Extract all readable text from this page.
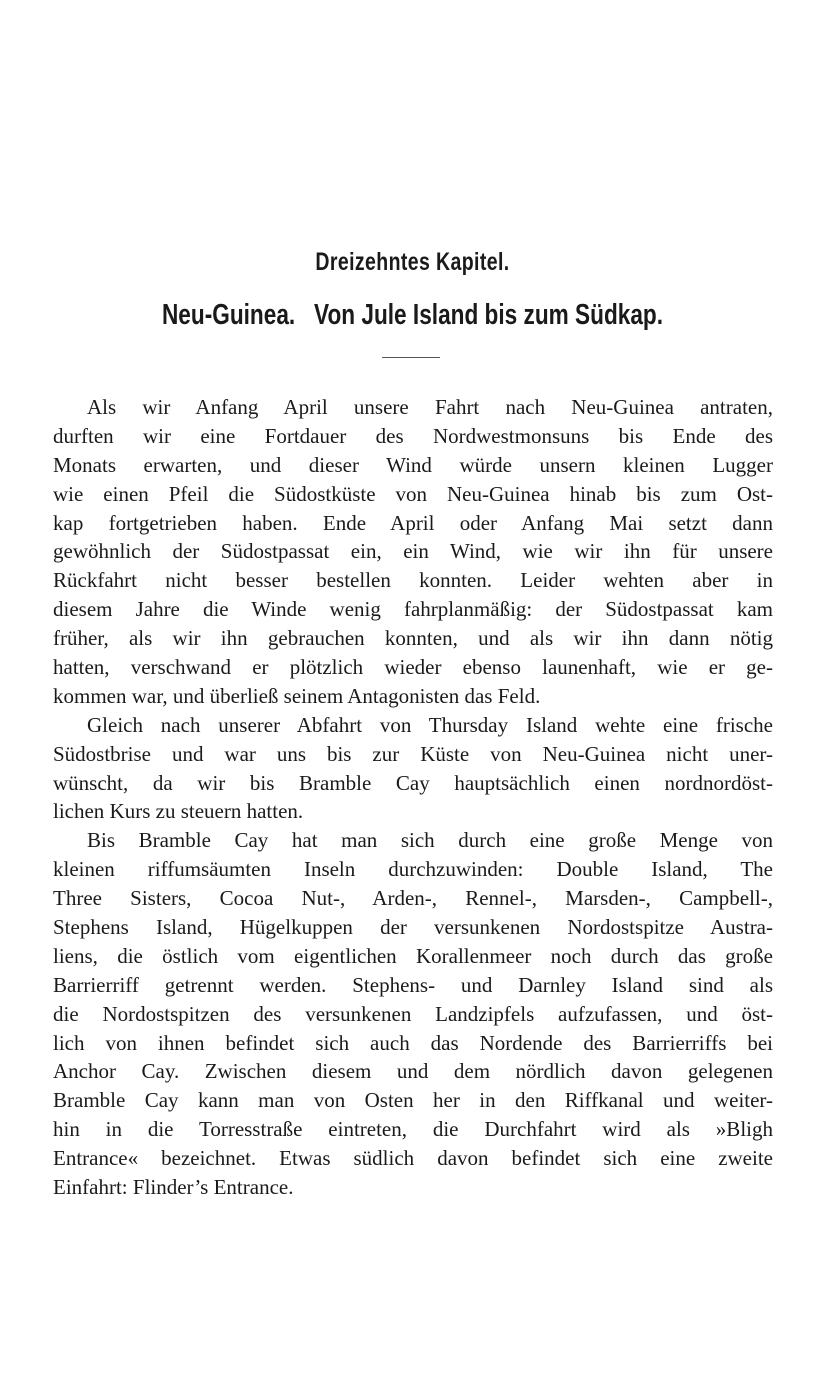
Dreizehntes Kapitel.
Neu-Guinea.   Von Jule Island bis zum Südkap.
Als wir Anfang April unsere Fahrt nach Neu-Guinea antraten,
durften wir eine Fortdauer des Nordwestmonsuns bis Ende des
Monats erwarten, und dieser Wind würde unsern kleinen Lugger
wie einen Pfeil die Südostküste von Neu-Guinea hinab bis zum Ost-
kap fortgetrieben haben. Ende April oder Anfang Mai setzt dann
gewöhnlich der Südostpassat ein, ein Wind, wie wir ihn für unsere
Rückfahrt nicht besser bestellen konnten. Leider wehten aber in
diesem Jahre die Winde wenig fahrplanmäßig: der Südostpassat kam
früher, als wir ihn gebrauchen konnten, und als wir ihn dann nötig
hatten, verschwand er plötzlich wieder ebenso launenhaft, wie er ge-
kommen war, und überließ seinem Antagonisten das Feld.
Gleich nach unserer Abfahrt von Thursday Island wehte eine frische
Südostbrise und war uns bis zur Küste von Neu-Guinea nicht uner-
wünscht, da wir bis Bramble Cay hauptsächlich einen nordnordöst-
lichen Kurs zu steuern hatten.
Bis Bramble Cay hat man sich durch eine große Menge von
kleinen riffumsäumten Inseln durchzuwinden: Double Island, The
Three Sisters, Cocoa Nut-, Arden-, Rennel-, Marsden-, Campbell-,
Stephens Island, Hügelkuppen der versunkenen Nordostspitze Austra-
liens, die östlich vom eigentlichen Korallenmeer noch durch das große
Barrierriff getrennt werden. Stephens- und Darnley Island sind als
die Nordostspitzen des versunkenen Landzipfels aufzufassen, und öst-
lich von ihnen befindet sich auch das Nordende des Barrierriffs bei
Anchor Cay. Zwischen diesem und dem nördlich davon gelegenen
Bramble Cay kann man von Osten her in den Riffkanal und weiter-
hin in die Torresstraße eintreten, die Durchfahrt wird als »Bligh
Entrance« bezeichnet. Etwas südlich davon befindet sich eine zweite
Einfahrt: Flinder’s Entrance.
